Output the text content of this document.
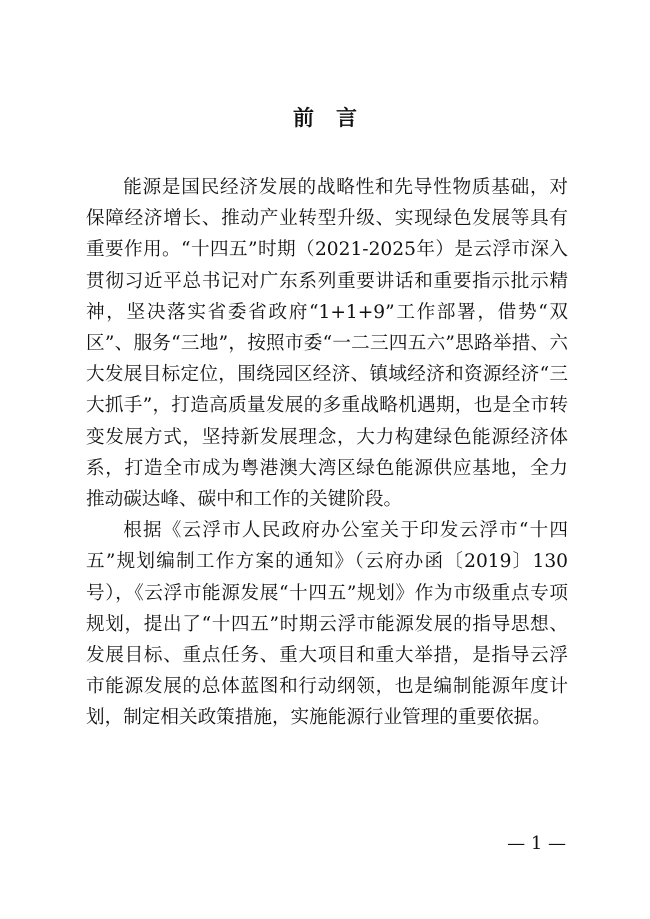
前言

能源是国民经济发展的战略性和先导性物质基础，对保障经济增长、推动产业转型升级、实现绿色发展等具有重要作用。“十四五”时期（2021-2025年）是云浮市深入贯彻习近平总书记对广东系列重要讲话和重要指示批示精神，坚决落实省委省政府“1+1+9”工作部署，借势“双区”、服务“三地”，按照市委“一二三四五六”思路举措、六大发展目标定位，围绕园区经济、镇域经济和资源经济“三大抓手”，打造高质量发展的多重战略机遇期，也是全市转变发展方式，坚持新发展理念，大力构建绿色能源经济体系，打造全市成为粤港澳大湾区绿色能源供应基地，全力推动碳达峰、碳中和工作的关键阶段。

根据《云浮市人民政府办公室关于印发云浮市“十四五”规划编制工作方案的通知》（云府办函〔2019〕130号），《云浮市能源发展“十四五”规划》作为市级重点专项规划，提出了“十四五”时期云浮市能源发展的指导思想、发展目标、重点任务、重大项目和重大举措，是指导云浮市能源发展的总体蓝图和行动纲领，也是编制能源年度计划，制定相关政策措施，实施能源行业管理的重要依据。

— 1 —
